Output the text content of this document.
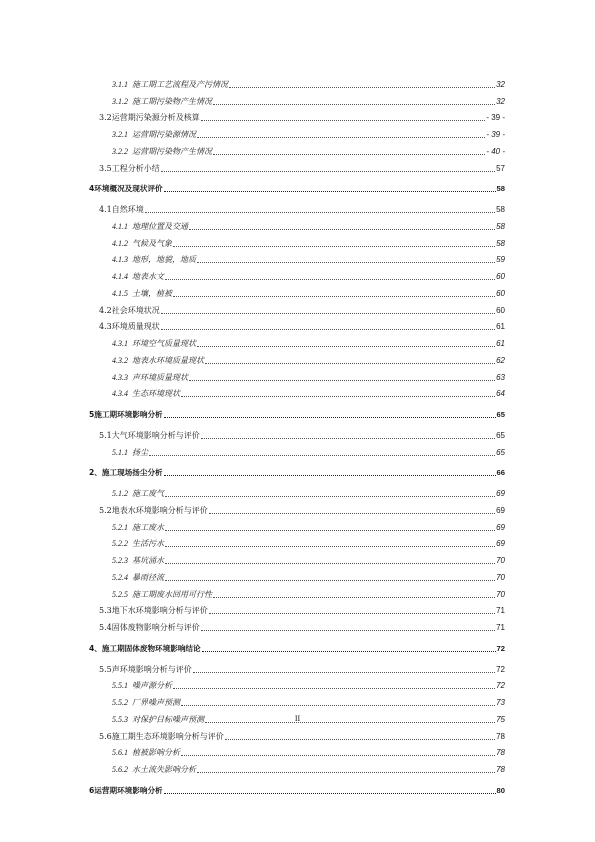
3.1.1 施工期工艺流程及产污情况	32
3.1.2 施工期污染物产生情况	32
3.2 运营期污染源分析及核算	- 39 -
3.2.1 运营期污染源情况	- 39 -
3.2.2 运营期污染物产生情况	- 40 -
3.5 工程分析小结	57
4 环境概况及现状评价	58
4.1 自然环境	58
4.1.1 地理位置及交通	58
4.1.2 气候及气象	58
4.1.3 地形，地貌，地质	59
4.1.4 地表水文	60
4.1.5 土壤，植被	60
4.2 社会环境状况	60
4.3 环境质量现状	61
4.3.1 环境空气质量现状	61
4.3.2 地表水环境质量现状	62
4.3.3 声环境质量现状	63
4.3.4 生态环境现状	64
5 施工期环境影响分析	65
5.1 大气环境影响分析与评价	65
5.1.1 扬尘	65
2、 施工现场扬尘分析	66
5.1.2 施工废气	69
5.2 地表水环境影响分析与评价	69
5.2.1 施工废水	69
5.2.2 生活污水	69
5.2.3 基坑涌水	70
5.2.4 暴雨径流	70
5.2.5 施工期废水回用可行性	70
5.3 地下水环境影响分析与评价	71
5.4 固体废物影响分析与评价	71
4、 施工期固体废物环境影响结论	72
5.5 声环境影响分析与评价	72
5.5.1 噪声源分析	72
5.5.2 厂界噪声预测	73
5.5.3 对保护目标噪声预测	75
5.6 施工期生态环境影响分析与评价	78
5.6.1 植被影响分析	78
5.6.2 水土流失影响分析	78
6 运营期环境影响分析	80
II
